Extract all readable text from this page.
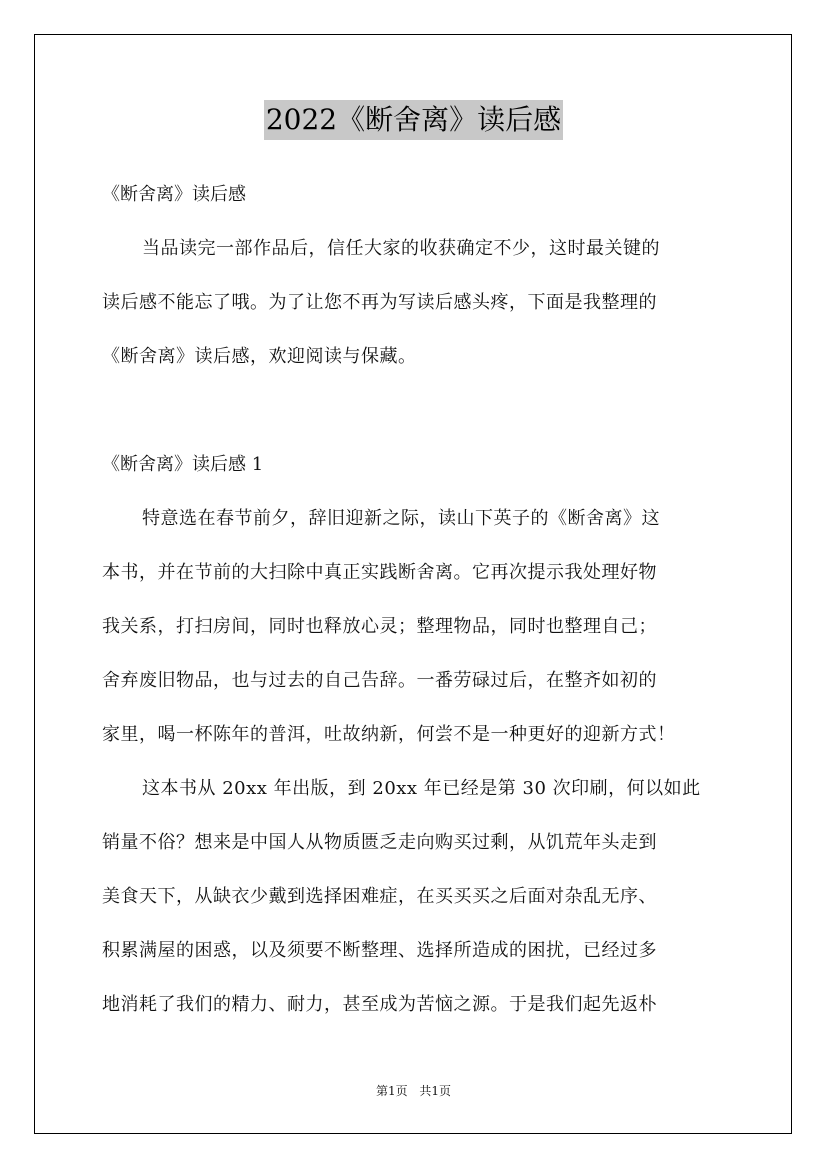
2022《断舍离》读后感

《断舍离》读后感

当品读完一部作品后，信任大家的收获确定不少，这时最关键的
读后感不能忘了哦。为了让您不再为写读后感头疼，下面是我整理的
《断舍离》读后感，欢迎阅读与保藏。

《断舍离》读后感 1

特意选在春节前夕，辞旧迎新之际，读山下英子的《断舍离》这
本书，并在节前的大扫除中真正实践断舍离。它再次提示我处理好物
我关系，打扫房间，同时也释放心灵；整理物品，同时也整理自己；
舍弃废旧物品，也与过去的自己告辞。一番劳碌过后，在整齐如初的
家里，喝一杯陈年的普洱，吐故纳新，何尝不是一种更好的迎新方式！

这本书从 20xx 年出版，到 20xx 年已经是第 30 次印刷，何以如此
销量不俗？想来是中国人从物质匮乏走向购买过剩，从饥荒年头走到
美食天下，从缺衣少戴到选择困难症，在买买买之后面对杂乱无序、
积累满屋的困惑，以及须要不断整理、选择所造成的困扰，已经过多
地消耗了我们的精力、耐力，甚至成为苦恼之源。于是我们起先返朴

第1页 共1页
